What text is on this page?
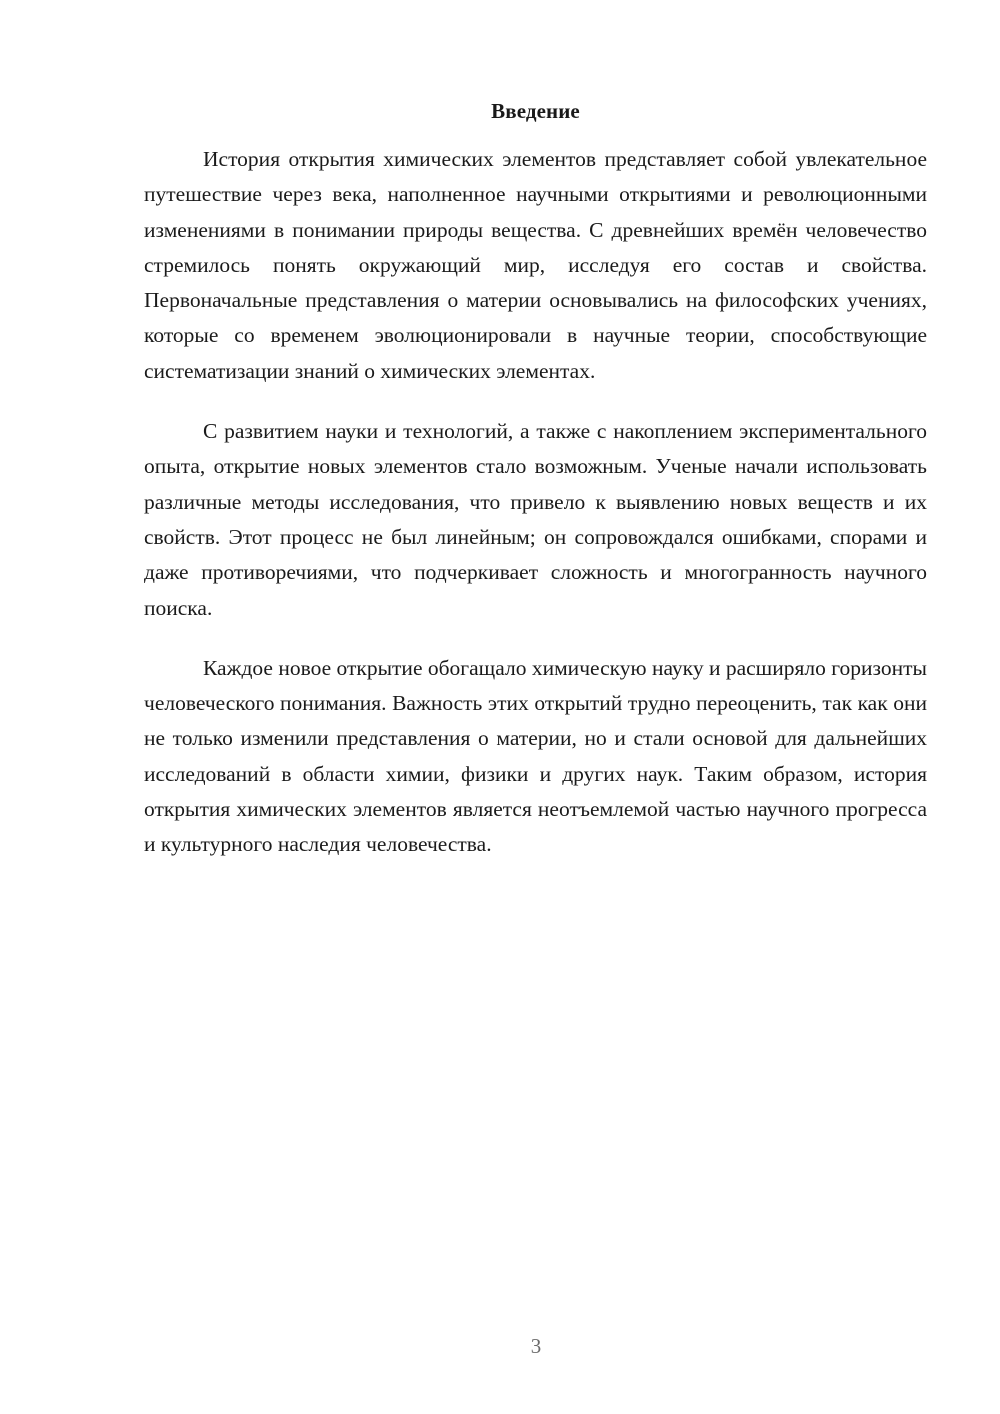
Введение

История открытия химических элементов представляет собой увлекательное путешествие через века, наполненное научными открытиями и революционными изменениями в понимании природы вещества. С древнейших времён человечество стремилось понять окружающий мир, исследуя его состав и свойства. Первоначальные представления о материи основывались на философских учениях, которые со временем эволюционировали в научные теории, способствующие систематизации знаний о химических элементах.

С развитием науки и технологий, а также с накоплением экспериментального опыта, открытие новых элементов стало возможным. Ученые начали использовать различные методы исследования, что привело к выявлению новых веществ и их свойств. Этот процесс не был линейным; он сопровождался ошибками, спорами и даже противоречиями, что подчеркивает сложность и многогранность научного поиска.

Каждое новое открытие обогащало химическую науку и расширяло горизонты человеческого понимания. Важность этих открытий трудно переоценить, так как они не только изменили представления о материи, но и стали основой для дальнейших исследований в области химии, физики и других наук. Таким образом, история открытия химических элементов является неотъемлемой частью научного прогресса и культурного наследия человечества.

3
